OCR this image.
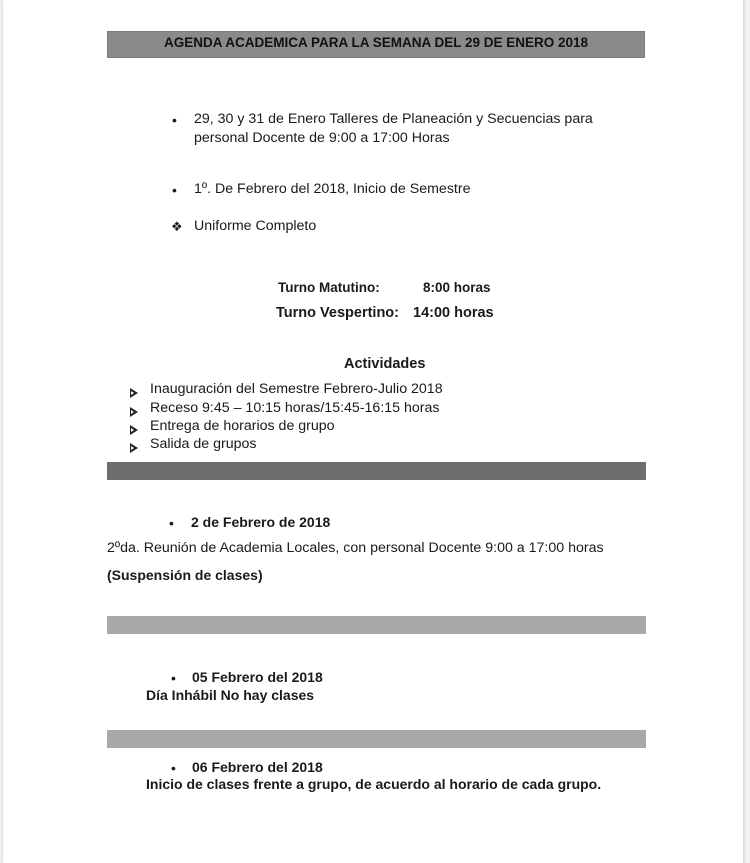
AGENDA ACADEMICA PARA LA SEMANA DEL 29 DE ENERO 2018
• 29, 30 y 31 de Enero Talleres de Planeación y Secuencias para
personal Docente de 9:00 a 17:00 Horas
• 1º. De Febrero del 2018, Inicio de Semestre
❖ Uniforme Completo
Turno Matutino:	8:00 horas
Turno Vespertino: 14:00 horas
Actividades
Inauguración del Semestre Febrero-Julio 2018
Receso 9:45 – 10:15 horas/15:45-16:15 horas
Entrega de horarios de grupo
Salida de grupos
• 2 de Febrero de 2018
2ºda. Reunión de Academia Locales, con personal Docente 9:00 a 17:00 horas
(Suspensión de clases)
• 05 Febrero del 2018
Día Inhábil No hay clases
• 06 Febrero del 2018
Inicio de clases frente a grupo, de acuerdo al horario de cada grupo.
